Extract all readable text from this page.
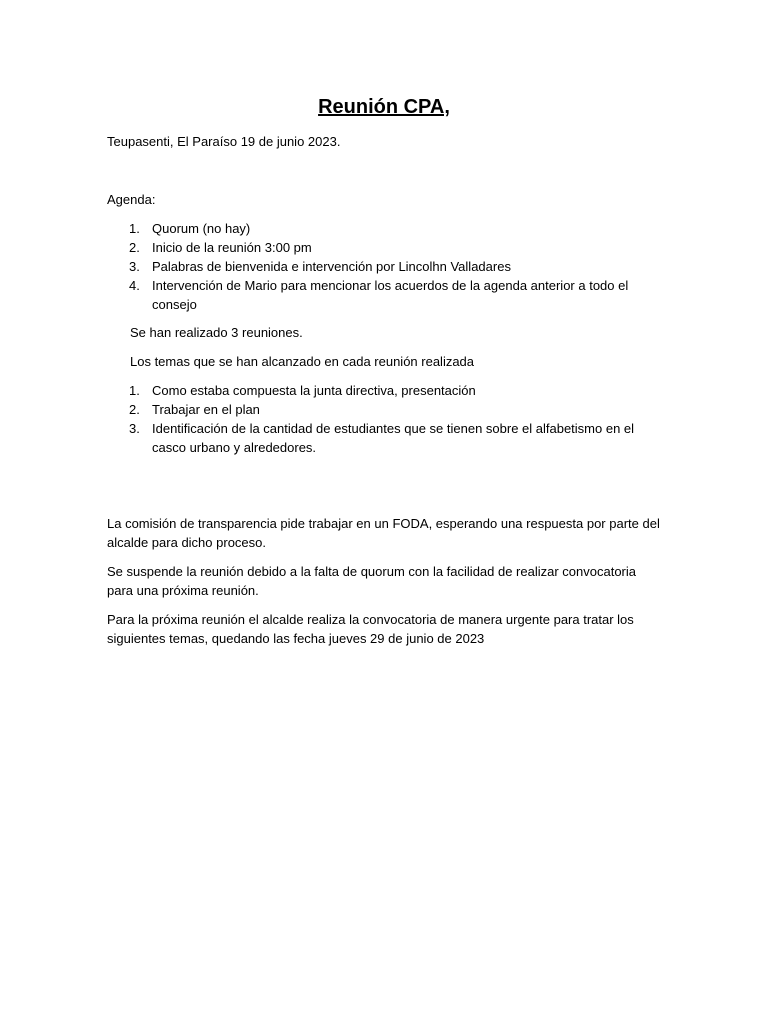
Reunión CPA,

Teupasenti, El Paraíso 19 de junio 2023.

Agenda:

1. Quorum (no hay)
2. Inicio de la reunión 3:00 pm
3. Palabras de bienvenida e intervención por Lincolhn Valladares
4. Intervención de Mario para mencionar los acuerdos de la agenda anterior a todo el consejo

Se han realizado 3 reuniones.

Los temas que se han alcanzado en cada reunión realizada

1. Como estaba compuesta la junta directiva, presentación
2. Trabajar en el plan
3. Identificación de la cantidad de estudiantes que se tienen sobre el alfabetismo en el casco urbano y alrededores.

La comisión de transparencia pide trabajar en un FODA, esperando una respuesta por parte del alcalde para dicho proceso.

Se suspende la reunión debido a la falta de quorum con la facilidad de realizar convocatoria para una próxima reunión.

Para la próxima reunión el alcalde realiza la convocatoria de manera urgente para tratar los siguientes temas, quedando las fecha jueves 29 de junio de 2023
